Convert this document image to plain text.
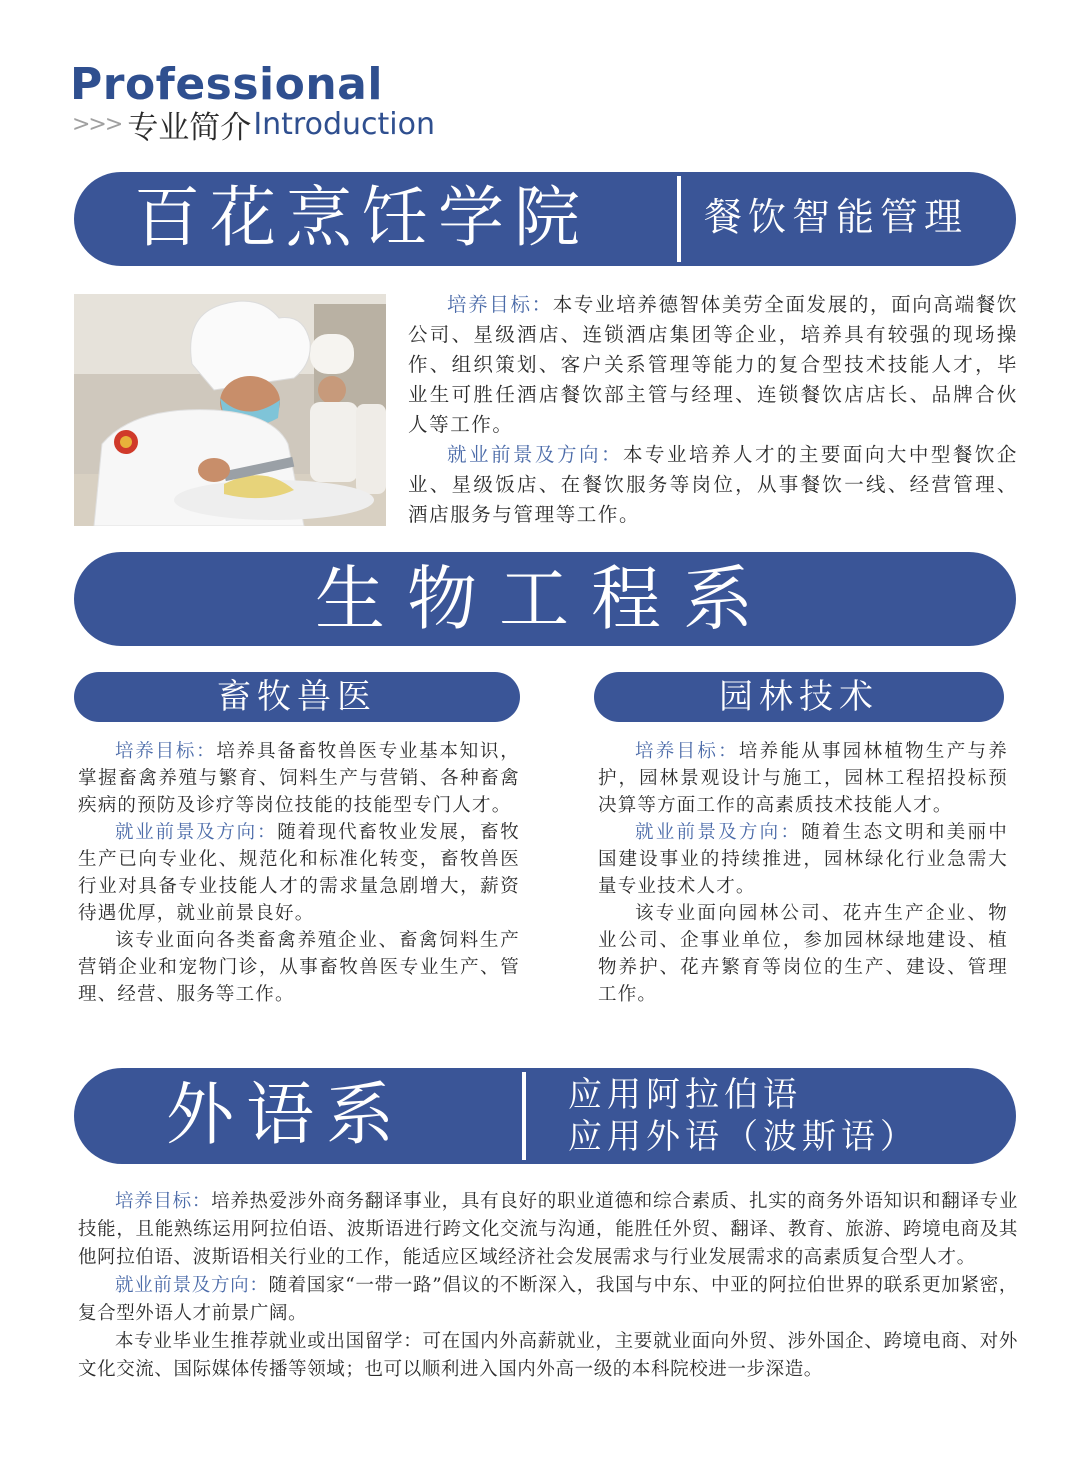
Professional
>>> 专业简介 Introduction
百花烹饪学院	餐饮智能管理

培养目标：本专业培养德智体美劳全面发展的，面向高端餐饮公司、星级酒店、连锁酒店集团等企业，培养具有较强的现场操作、组织策划、客户关系管理等能力的复合型技术技能人才，毕业生可胜任酒店餐饮部主管与经理、连锁餐饮店店长、品牌合伙人等工作。

就业前景及方向：本专业培养人才的主要面向大中型餐饮企业、星级饭店、在餐饮服务等岗位，从事餐饮一线、经营管理、酒店服务与管理等工作。

生物工程系
畜牧兽医	园林技术

培养目标：培养具备畜牧兽医专业基本知识，掌握畜禽养殖与繁育、饲料生产与营销、各种畜禽疾病的预防及诊疗等岗位技能的技能型专门人才。

就业前景及方向：随着现代畜牧业发展，畜牧生产已向专业化、规范化和标准化转变，畜牧兽医行业对具备专业技能人才的需求量急剧增大，薪资待遇优厚，就业前景良好。

该专业面向各类畜禽养殖企业、畜禽饲料生产营销企业和宠物门诊，从事畜牧兽医专业生产、管理、经营、服务等工作。

培养目标：培养能从事园林植物生产与养护，园林景观设计与施工，园林工程招投标预决算等方面工作的高素质技术技能人才。

就业前景及方向：随着生态文明和美丽中国建设事业的持续推进，园林绿化行业急需大量专业技术人才。

该专业面向园林公司、花卉生产企业、物业公司、企事业单位，参加园林绿地建设、植物养护、花卉繁育等岗位的生产、建设、管理工作。

外语系	应用阿拉伯语
应用外语（波斯语）

培养目标：培养热爱涉外商务翻译事业，具有良好的职业道德和综合素质、扎实的商务外语知识和翻译专业技能，且能熟练运用阿拉伯语、波斯语进行跨文化交流与沟通，能胜任外贸、翻译、教育、旅游、跨境电商及其他阿拉伯语、波斯语相关行业的工作，能适应区域经济社会发展需求与行业发展需求的高素质复合型人才。

就业前景及方向：随着国家“一带一路”倡议的不断深入，我国与中东、中亚的阿拉伯世界的联系更加紧密，复合型外语人才前景广阔。

本专业毕业生推荐就业或出国留学：可在国内外高薪就业，主要就业面向外贸、涉外国企、跨境电商、对外文化交流、国际媒体传播等领域；也可以顺利进入国内外高一级的本科院校进一步深造。
